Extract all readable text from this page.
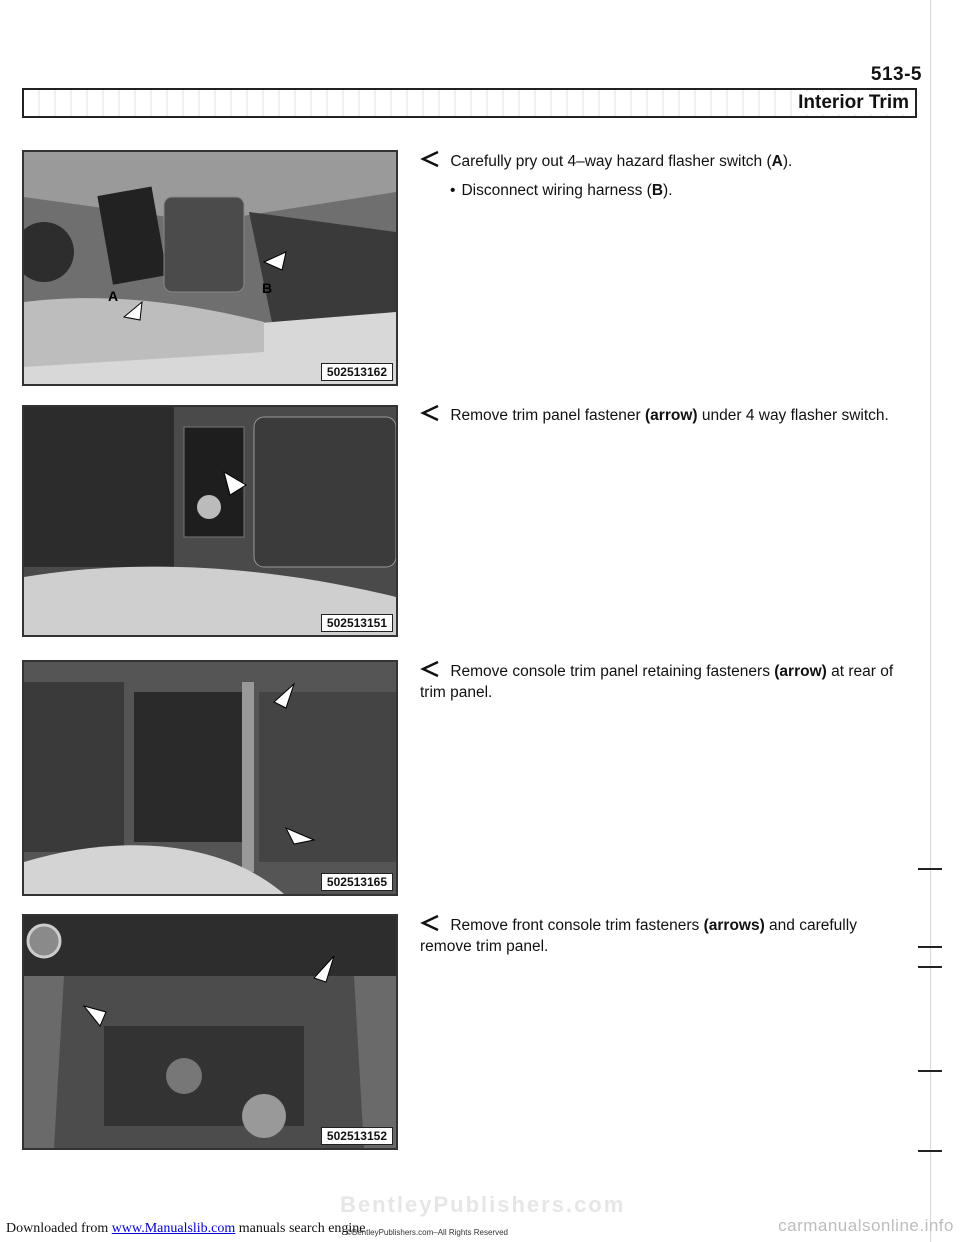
513-5
Interior Trim
B
A
502513162
Carefully pry out 4–way hazard flasher switch (A).
• Disconnect wiring harness (B).
502513151
Remove trim panel fastener (arrow) under 4 way flasher switch.
502513165
Remove console trim panel retaining fasteners (arrow) at rear of trim panel.
502513152
Remove front console trim fasteners (arrows) and carefully remove trim panel.
BentleyPublishers.com
Downloaded from www.Manualslib.com manuals search engine
©BentleyPublishers.com–All Rights Reserved	carmanualsonline.info
